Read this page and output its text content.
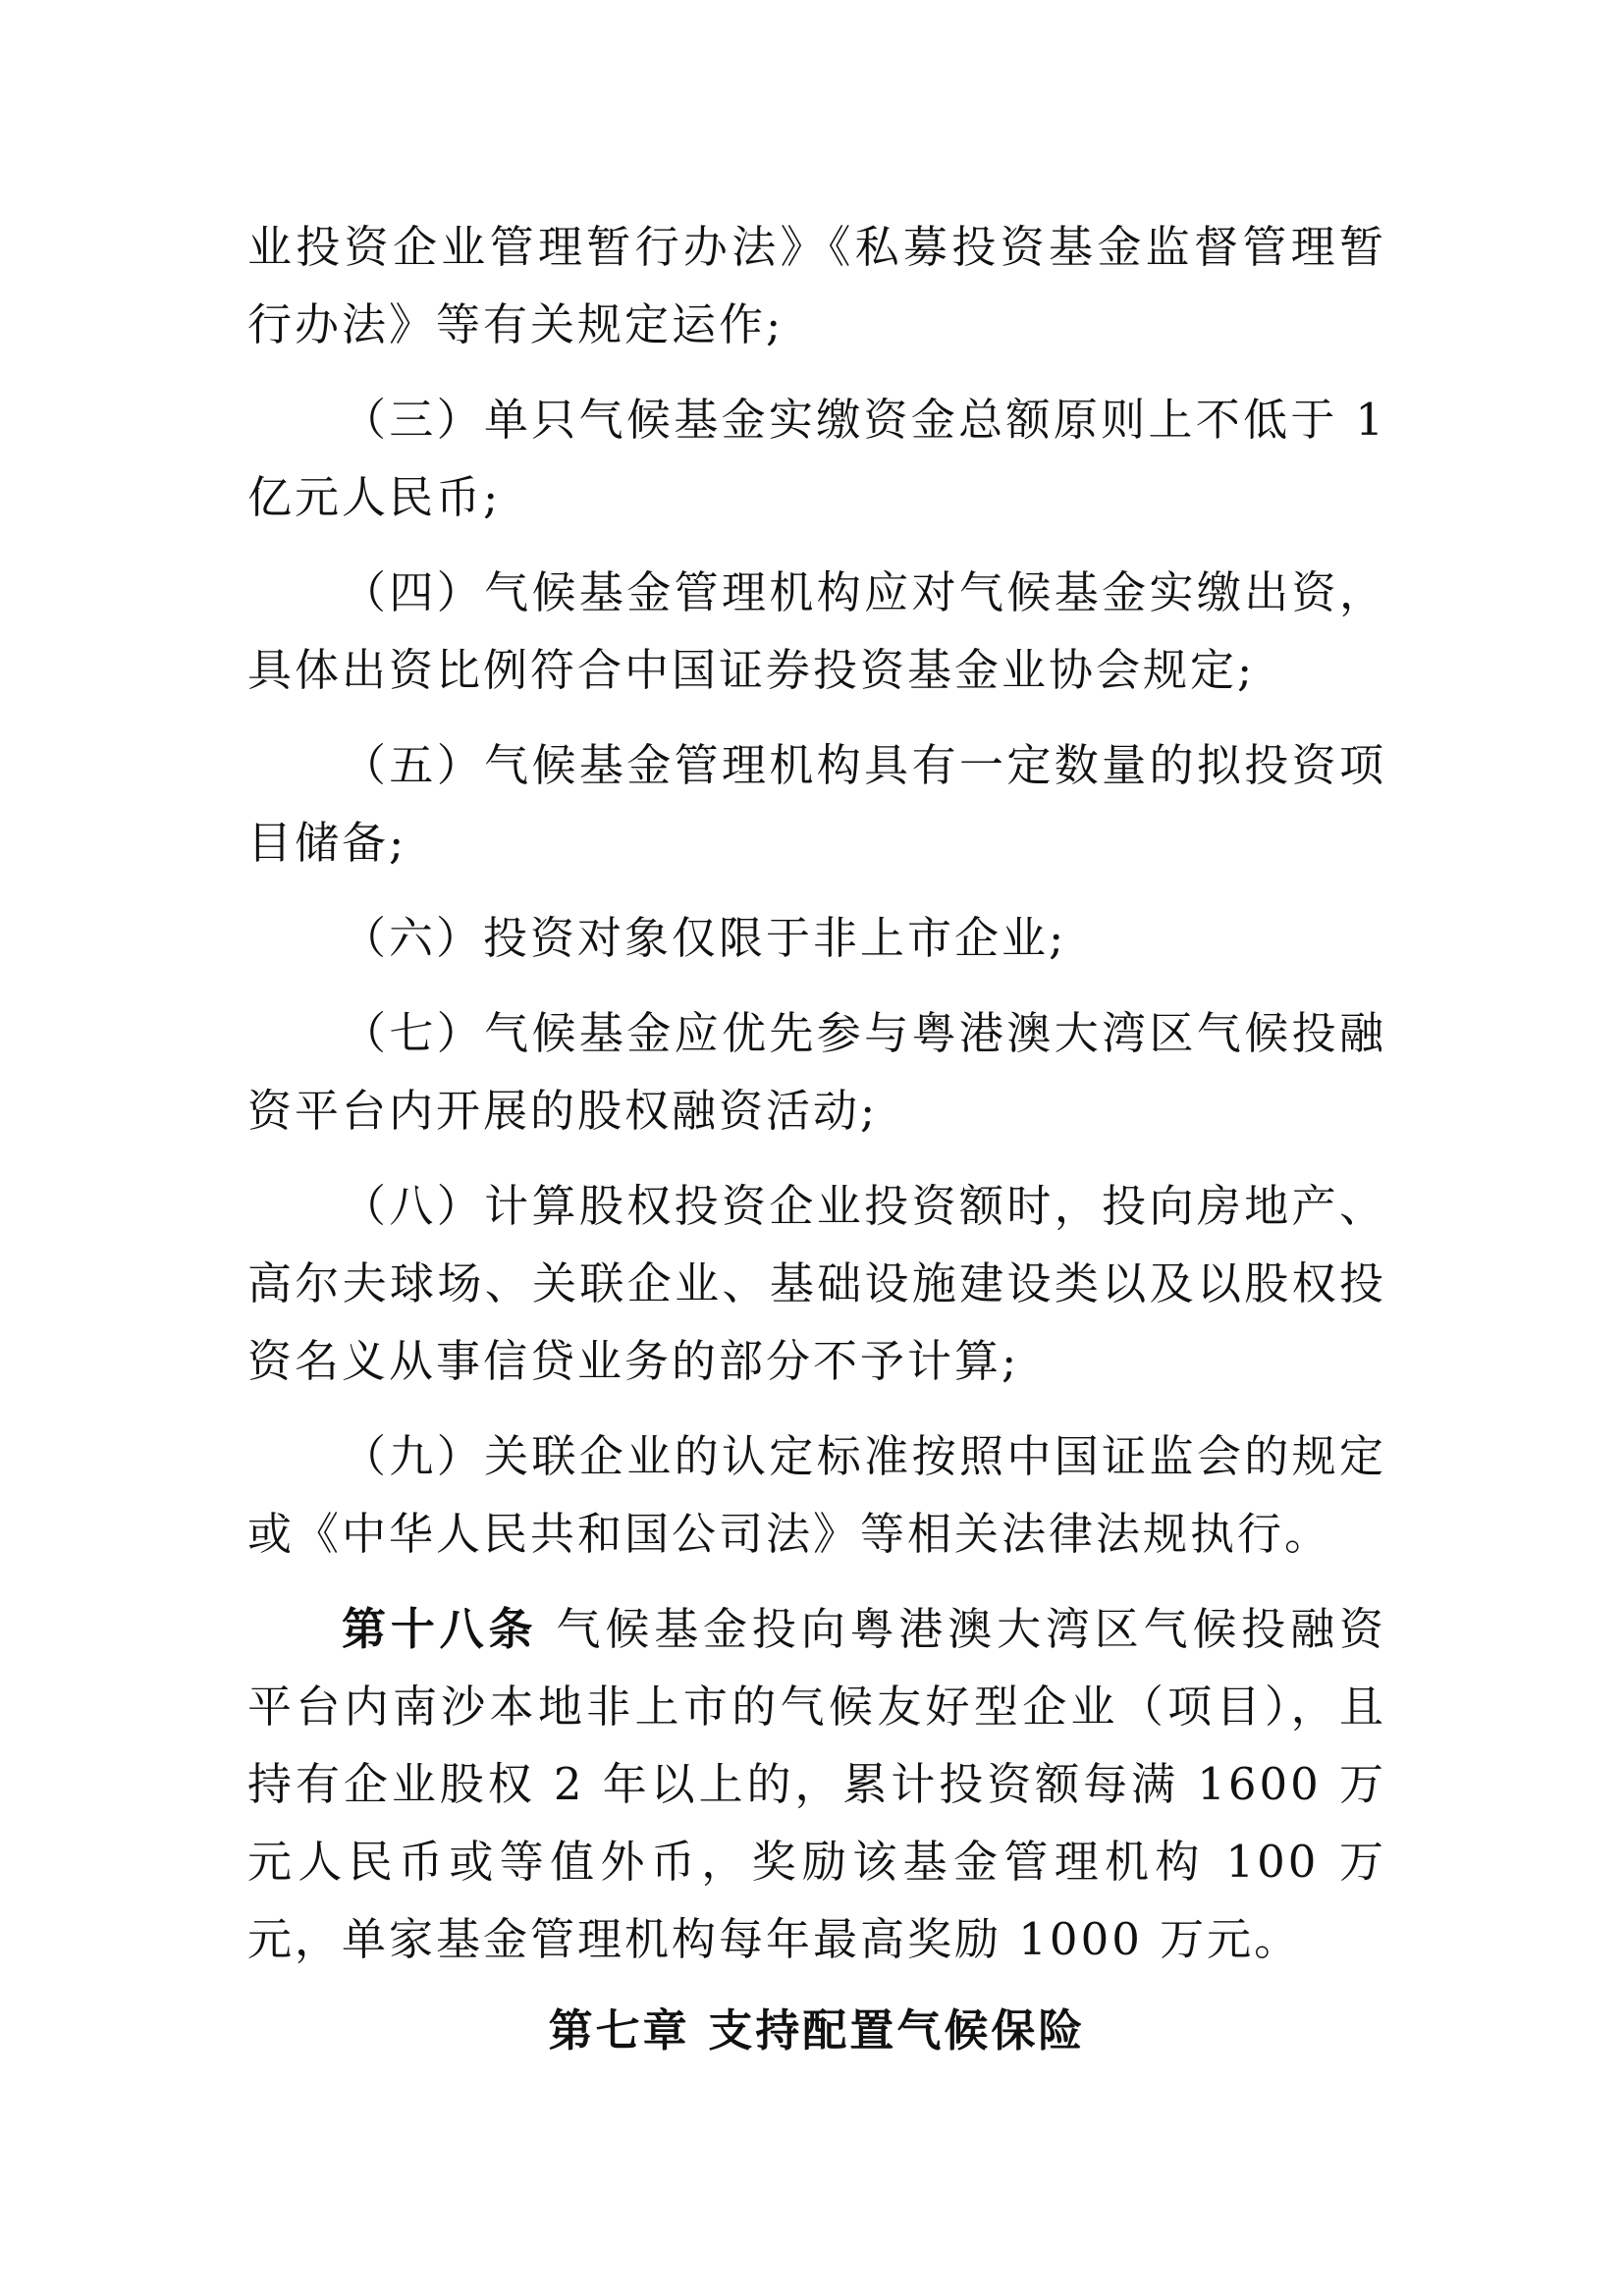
业投资企业管理暂行办法》《私募投资基金监督管理暂行办法》等有关规定运作;

（三）单只气候基金实缴资金总额原则上不低于 1 亿元人民币;

（四）气候基金管理机构应对气候基金实缴出资，具体出资比例符合中国证券投资基金业协会规定;

（五）气候基金管理机构具有一定数量的拟投资项目储备;

（六）投资对象仅限于非上市企业;

（七）气候基金应优先参与粤港澳大湾区气候投融资平台内开展的股权融资活动;

（八）计算股权投资企业投资额时，投向房地产、高尔夫球场、关联企业、基础设施建设类以及以股权投资名义从事信贷业务的部分不予计算;

（九）关联企业的认定标准按照中国证监会的规定或《中华人民共和国公司法》等相关法律法规执行。

第十八条 气候基金投向粤港澳大湾区气候投融资平台内南沙本地非上市的气候友好型企业（项目），且持有企业股权 2 年以上的，累计投资额每满 1600 万元人民币或等值外币，奖励该基金管理机构 100 万元，单家基金管理机构每年最高奖励 1000 万元。

第七章 支持配置气候保险
